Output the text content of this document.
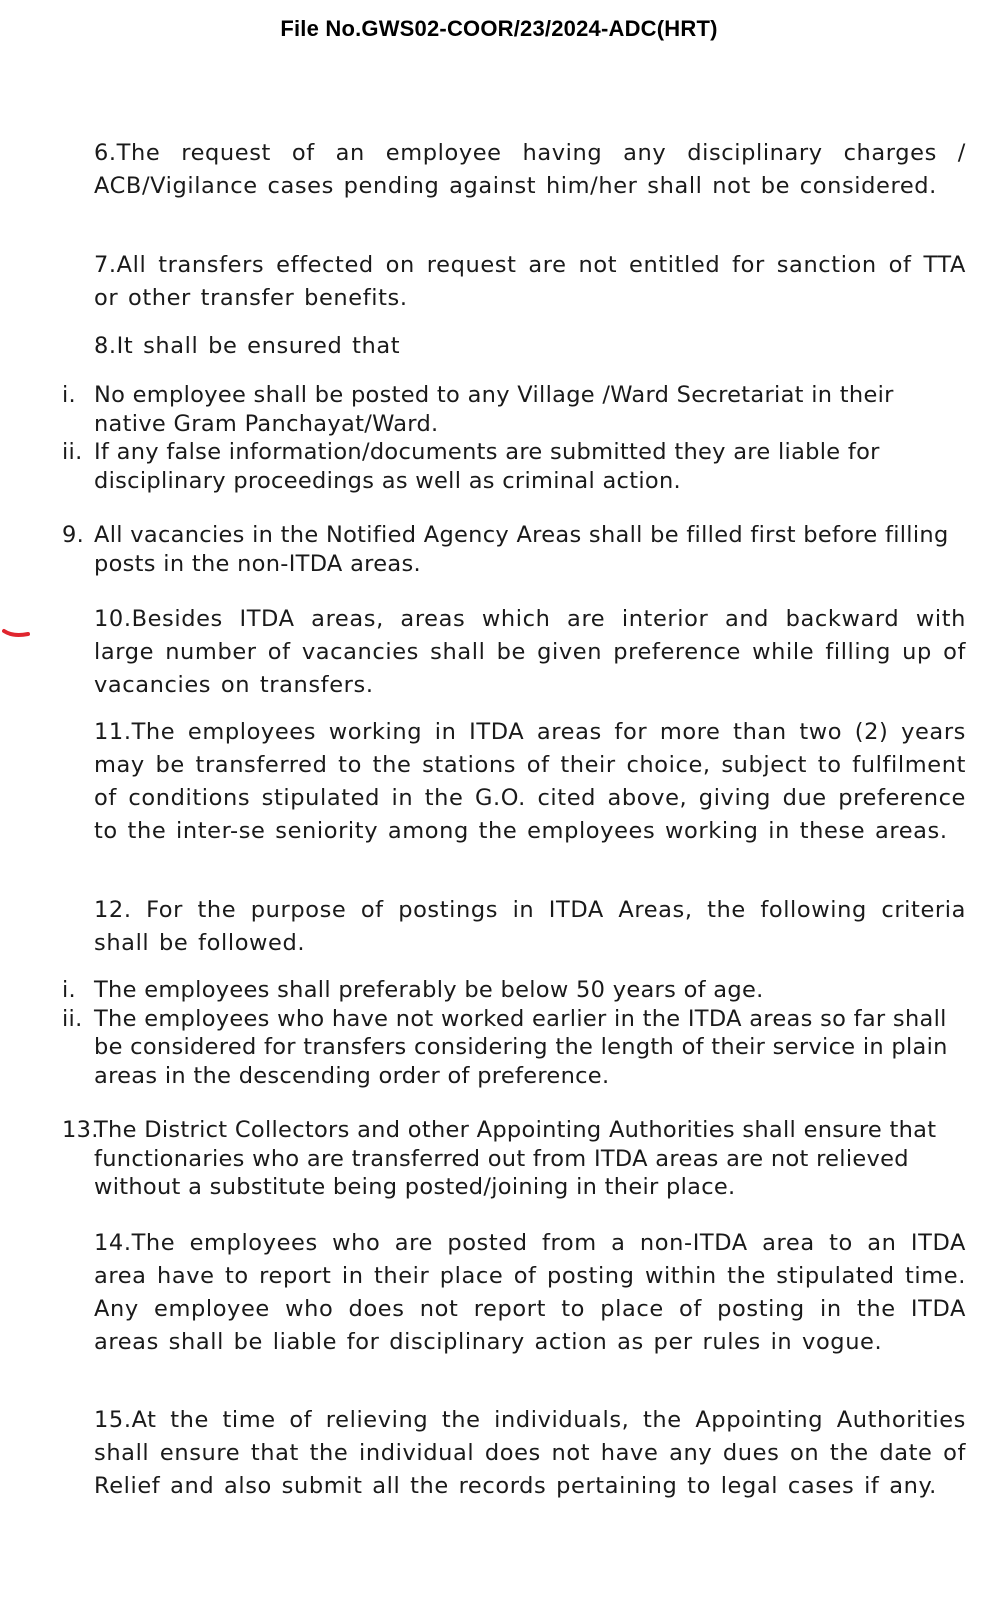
File No.GWS02-COOR/23/2024-ADC(HRT)
6.The request of an employee having any disciplinary charges / ACB/Vigilance cases pending against him/her shall not be considered.
7.All transfers effected on request are not entitled for sanction of TTA or other transfer benefits.
8.It shall be ensured that
i. No employee shall be posted to any Village /Ward Secretariat in their native Gram Panchayat/Ward.
ii. If any false information/documents are submitted they are liable for disciplinary proceedings as well as criminal action.
9. All vacancies in the Notified Agency Areas shall be filled first before filling posts in the non-ITDA areas.
10.Besides ITDA areas, areas which are interior and backward with large number of vacancies shall be given preference while filling up of vacancies on transfers.
11.The employees working in ITDA areas for more than two (2) years may be transferred to the stations of their choice, subject to fulfilment of conditions stipulated in the G.O. cited above, giving due preference to the inter-se seniority among the employees working in these areas.
12. For the purpose of postings in ITDA Areas, the following criteria shall be followed.
i. The employees shall preferably be below 50 years of age.
ii. The employees who have not worked earlier in the ITDA areas so far shall be considered for transfers considering the length of their service in plain areas in the descending order of preference.
13.
The District Collectors and other Appointing Authorities shall ensure that functionaries who are transferred out from ITDA areas are not relieved without a substitute being posted/joining in their place.
14.The employees who are posted from a non-ITDA area to an ITDA area have to report in their place of posting within the stipulated time. Any employee who does not report to place of posting in the ITDA areas shall be liable for disciplinary action as per rules in vogue.
15.At the time of relieving the individuals, the Appointing Authorities shall ensure that the individual does not have any dues on the date of Relief and also submit all the records pertaining to legal cases if any.
